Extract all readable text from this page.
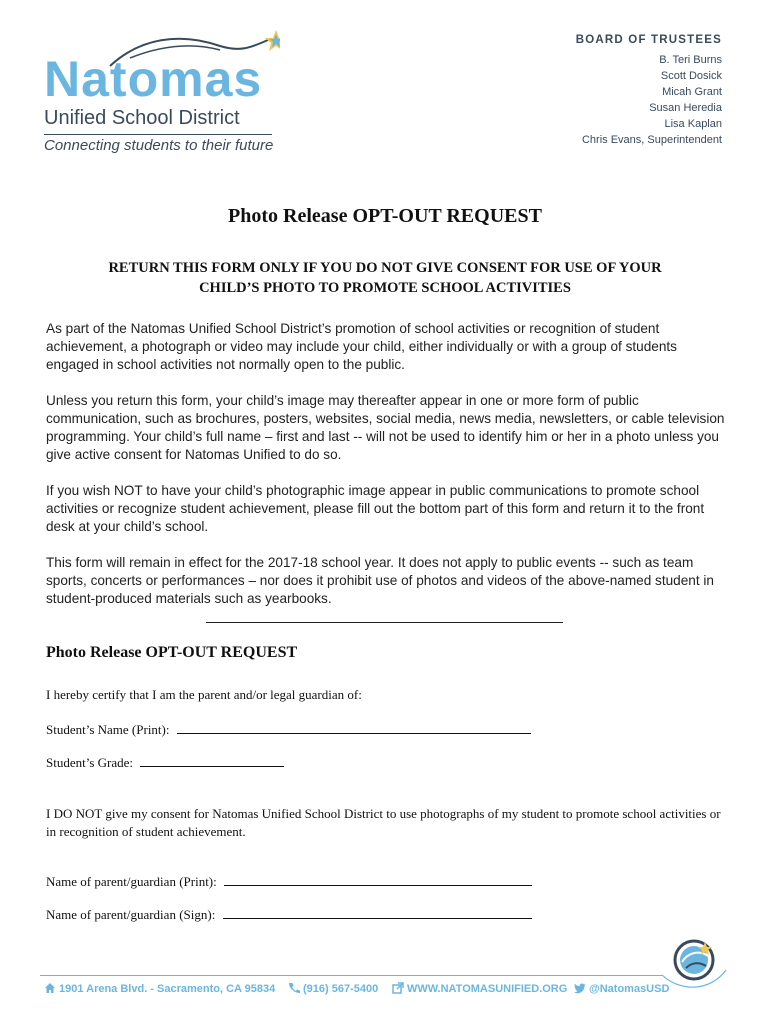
Natomas
Unified School District
Connecting students to their future
BOARD OF TRUSTEES
B. Teri Burns
Scott Dosick
Micah Grant
Susan Heredia
Lisa Kaplan
Chris Evans, Superintendent
Photo Release OPT-OUT REQUEST
RETURN THIS FORM ONLY IF YOU DO NOT GIVE CONSENT FOR USE OF YOUR
CHILD’S PHOTO TO PROMOTE SCHOOL ACTIVITIES
As part of the Natomas Unified School District’s promotion of school activities or recognition of student achievement, a photograph or video may include your child, either individually or with a group of students engaged in school activities not normally open to the public.
Unless you return this form, your child’s image may thereafter appear in one or more form of public communication, such as brochures, posters, websites, social media, news media, newsletters, or cable television programming. Your child’s full name – first and last -- will not be used to identify him or her in a photo unless you give active consent for Natomas Unified to do so.
If you wish NOT to have your child’s photographic image appear in public communications to promote school activities or recognize student achievement, please fill out the bottom part of this form and return it to the front desk at your child’s school.
This form will remain in effect for the 2017-18 school year. It does not apply to public events -- such as team sports, concerts or performances – nor does it prohibit use of photos and videos of the above-named student in student-produced materials such as yearbooks.
Photo Release OPT-OUT REQUEST
I hereby certify that I am the parent and/or legal guardian of:
Student’s Name (Print):
Student’s Grade:
I DO NOT give my consent for Natomas Unified School District to use photographs of my student to promote school activities or in recognition of student achievement.
Name of parent/guardian (Print):
Name of parent/guardian (Sign):
1901 Arena Blvd. - Sacramento, CA 95834	(916) 567-5400	WWW.NATOMASUNIFIED.ORG	@NatomasUSD
